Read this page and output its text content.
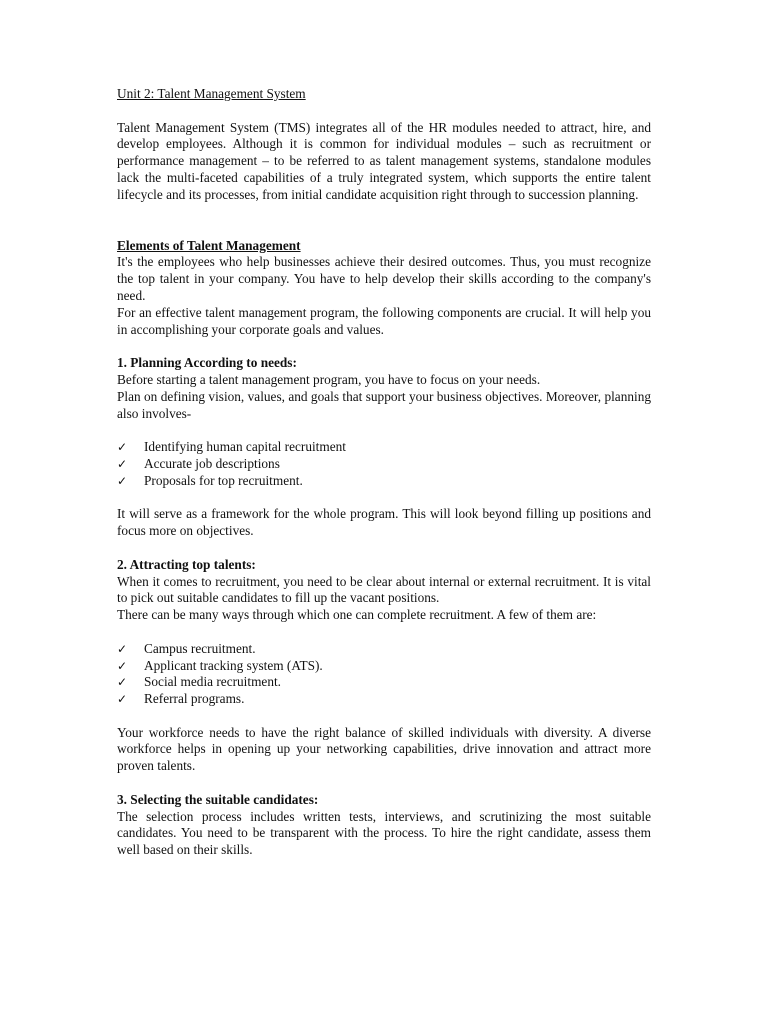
Unit 2: Talent Management System

Talent Management System (TMS) integrates all of the HR modules needed to attract, hire, and develop employees. Although it is common for individual modules – such as recruitment or performance management – to be referred to as talent management systems, standalone modules lack the multi-faceted capabilities of a truly integrated system, which supports the entire talent lifecycle and its processes, from initial candidate acquisition right through to succession planning.

Elements of Talent Management

It's the employees who help businesses achieve their desired outcomes. Thus, you must recognize the top talent in your company. You have to help develop their skills according to the company's need.

For an effective talent management program, the following components are crucial. It will help you in accomplishing your corporate goals and values.

1. Planning According to needs:

Before starting a talent management program, you have to focus on your needs.

Plan on defining vision, values, and goals that support your business objectives. Moreover, planning also involves-

✓ Identifying human capital recruitment
✓ Accurate job descriptions
✓ Proposals for top recruitment.

It will serve as a framework for the whole program. This will look beyond filling up positions and focus more on objectives.

2. Attracting top talents:

When it comes to recruitment, you need to be clear about internal or external recruitment. It is vital to pick out suitable candidates to fill up the vacant positions.

There can be many ways through which one can complete recruitment. A few of them are:

✓ Campus recruitment.
✓ Applicant tracking system (ATS).
✓ Social media recruitment.
✓ Referral programs.

Your workforce needs to have the right balance of skilled individuals with diversity. A diverse workforce helps in opening up your networking capabilities, drive innovation and attract more proven talents.

3. Selecting the suitable candidates:

The selection process includes written tests, interviews, and scrutinizing the most suitable candidates. You need to be transparent with the process. To hire the right candidate, assess them well based on their skills.
